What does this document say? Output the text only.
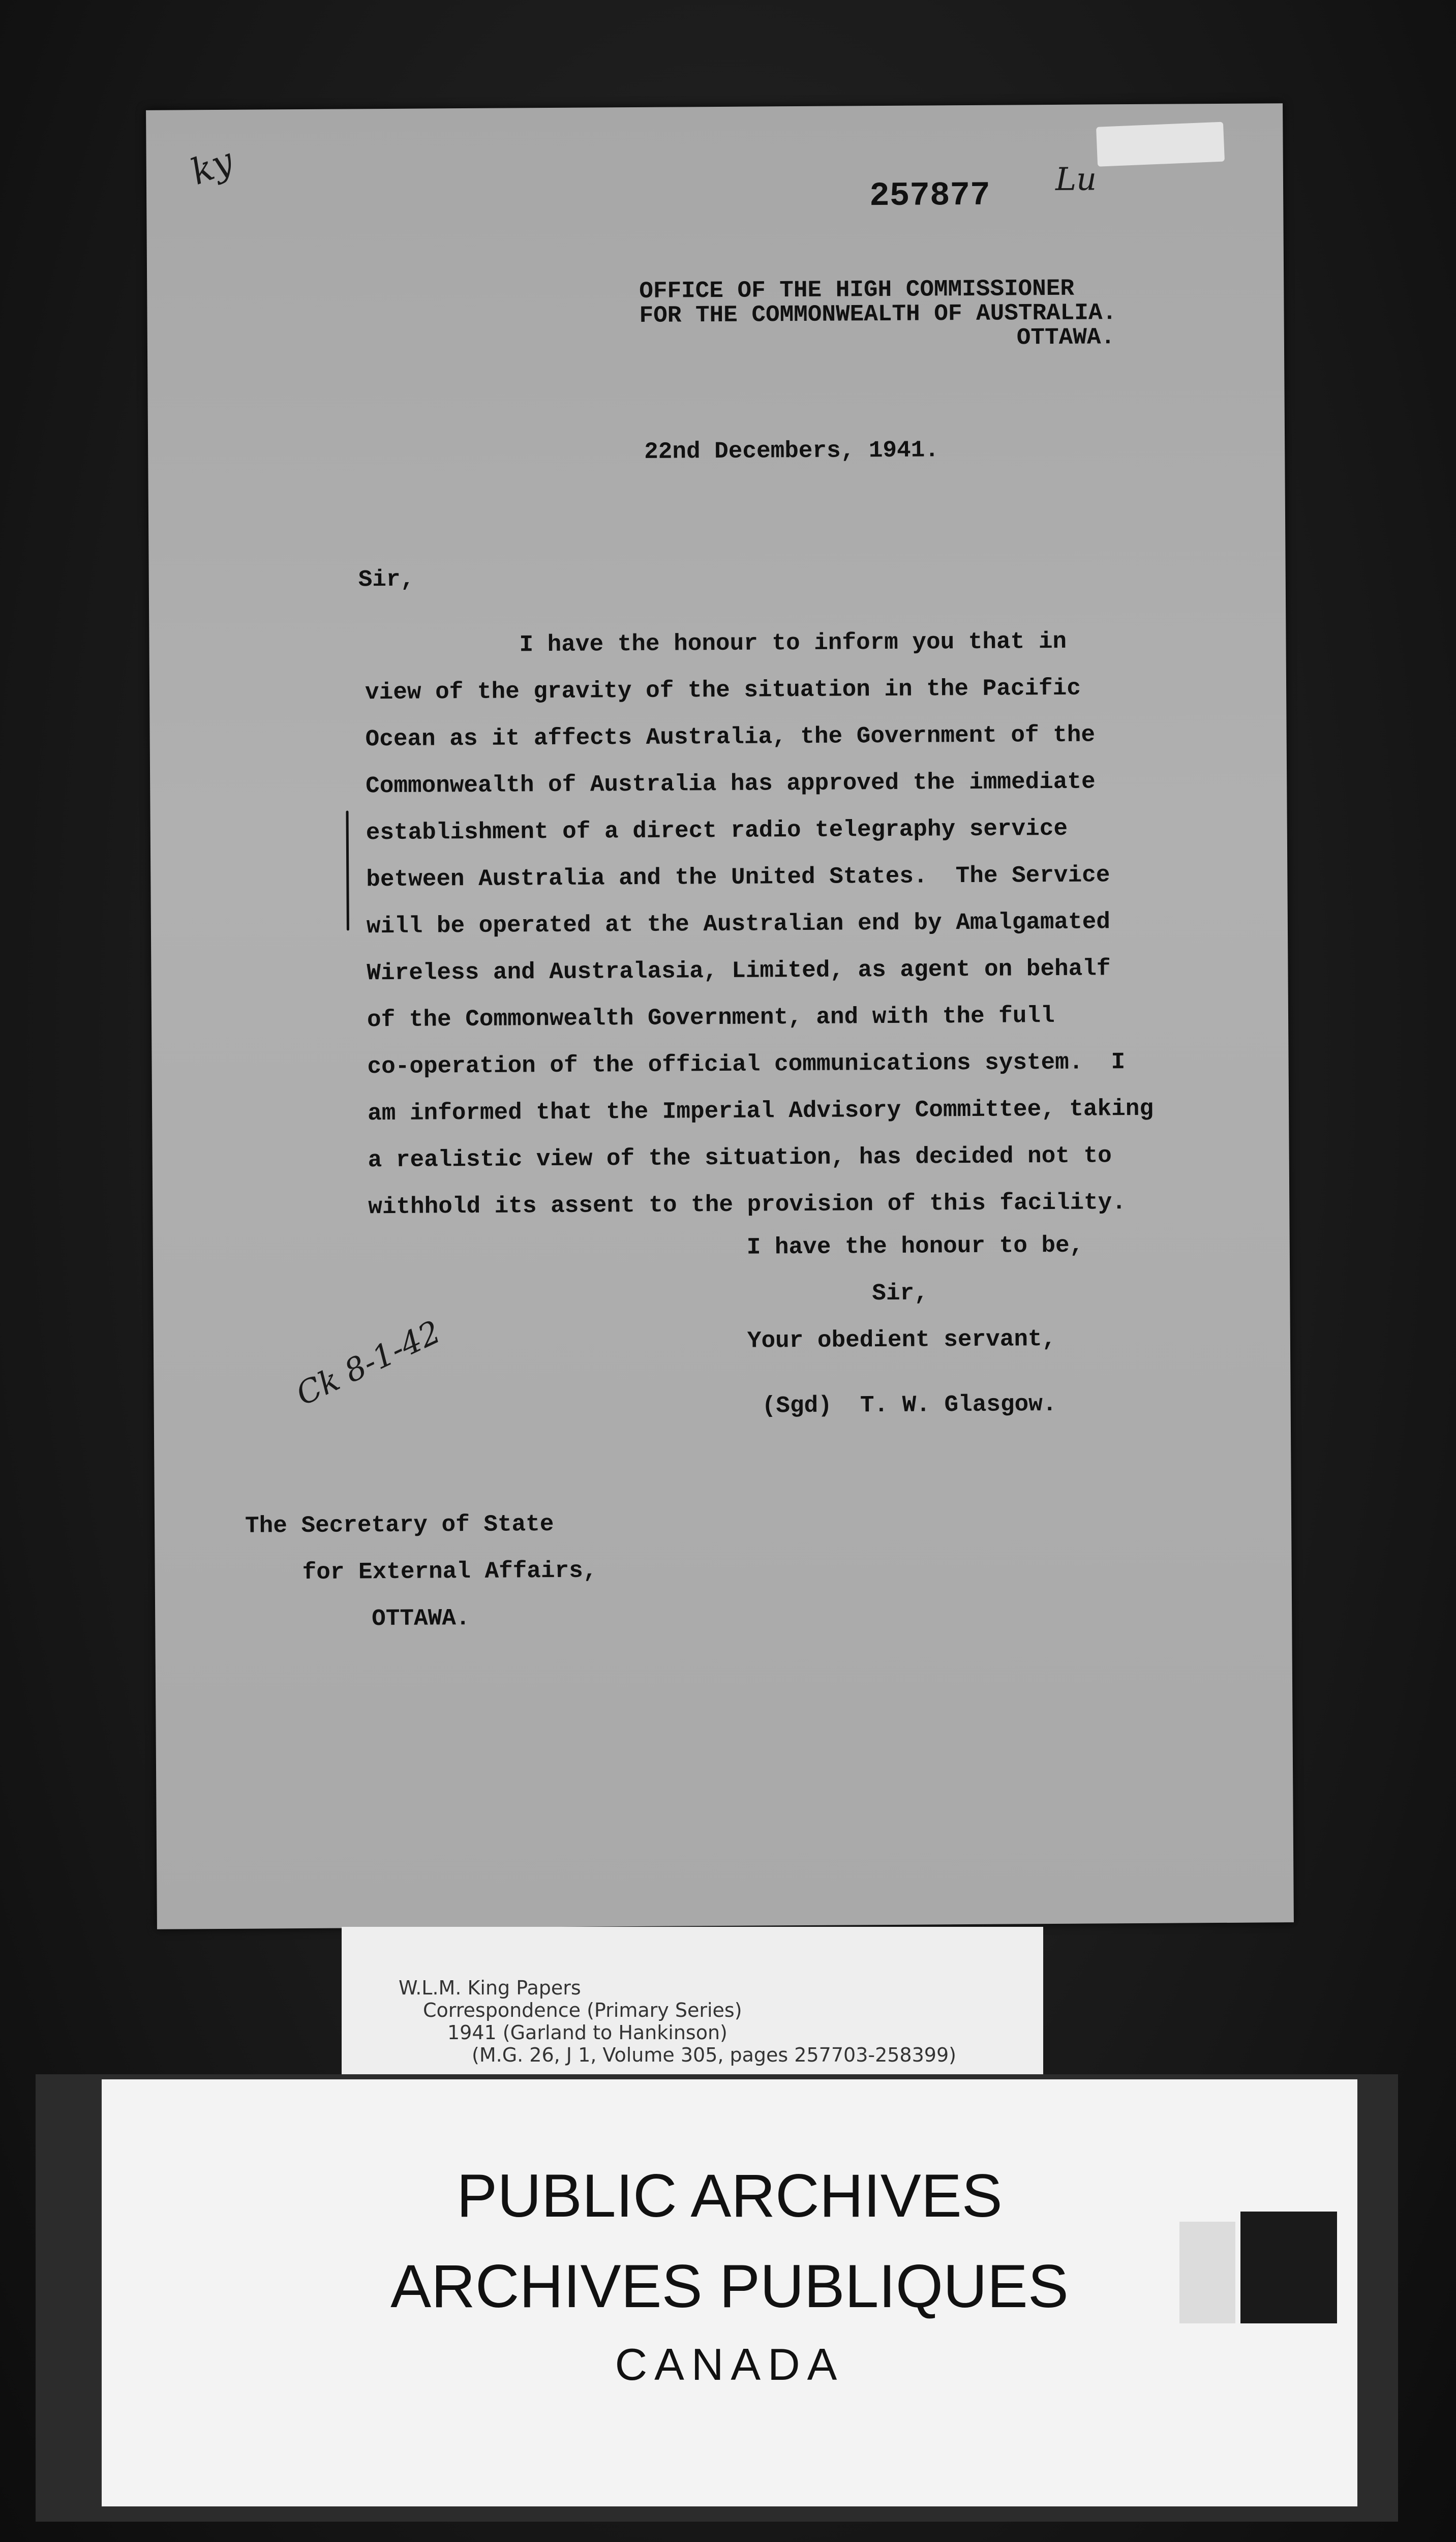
ky
257877 Lu
OFFICE OF THE HIGH COMMISSIONER
FOR THE COMMONWEALTH OF AUSTRALIA.
OTTAWA.
22nd Decembers, 1941.
Sir,
I have the honour to inform you that in
view of the gravity of the situation in the Pacific
Ocean as it affects Australia, the Government of the
Commonwealth of Australia has approved the immediate
establishment of a direct radio telegraphy service
between Australia and the United States.  The Service
will be operated at the Australian end by Amalgamated
Wireless and Australasia, Limited, as agent on behalf
of the Commonwealth Government, and with the full
co-operation of the official communications system.  I
am informed that the Imperial Advisory Committee, taking
a realistic view of the situation, has decided not to
withhold its assent to the provision of this facility.
I have the honour to be,
Sir,
Your obedient servant,
(Sgd)  T. W. Glasgow.
Ck 8-1-42
The Secretary of State
for External Affairs,
OTTAWA.
W.L.M. King Papers
Correspondence (Primary Series)
1941 (Garland to Hankinson)
(M.G. 26, J 1, Volume 305, pages 257703-258399)
PUBLIC ARCHIVES
ARCHIVES PUBLIQUES
CANADA
